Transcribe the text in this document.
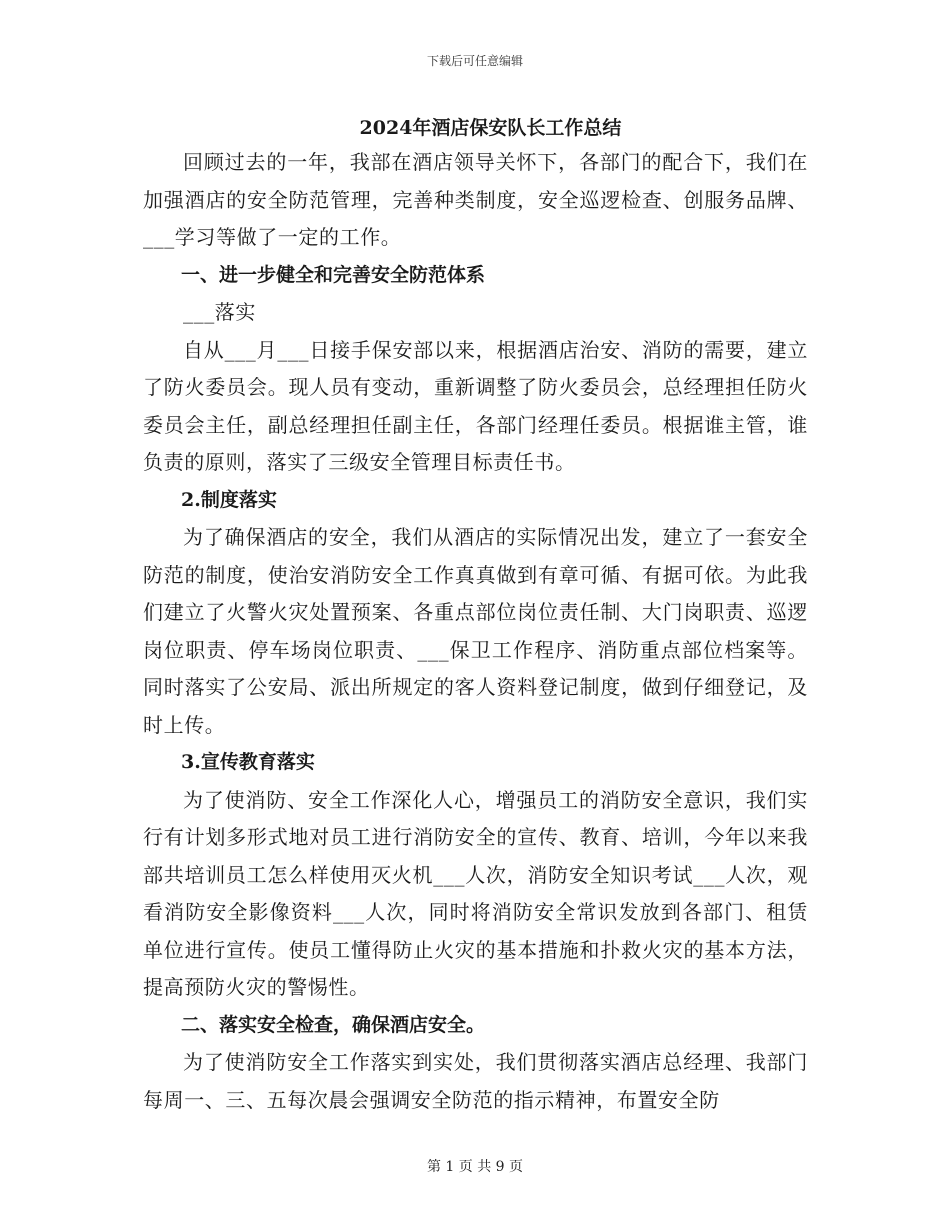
下载后可任意编辑
2024年酒店保安队长工作总结

回顾过去的一年，我部在酒店领导关怀下，各部门的配合下，我们在加强酒店的安全防范管理，完善种类制度，安全巡逻检查、创服务品牌、___学习等做了一定的工作。

一、进一步健全和完善安全防范体系

___落实

自从___月___日接手保安部以来，根据酒店治安、消防的需要，建立了防火委员会。现人员有变动，重新调整了防火委员会，总经理担任防火委员会主任，副总经理担任副主任，各部门经理任委员。根据谁主管，谁负责的原则，落实了三级安全管理目标责任书。

2.制度落实

为了确保酒店的安全，我们从酒店的实际情况出发，建立了一套安全防范的制度，使治安消防安全工作真真做到有章可循、有据可依。为此我们建立了火警火灾处置预案、各重点部位岗位责任制、大门岗职责、巡逻岗位职责、停车场岗位职责、___保卫工作程序、消防重点部位档案等。同时落实了公安局、派出所规定的客人资料登记制度，做到仔细登记，及时上传。

3.宣传教育落实

为了使消防、安全工作深化人心，增强员工的消防安全意识，我们实行有计划多形式地对员工进行消防安全的宣传、教育、培训，今年以来我部共培训员工怎么样使用灭火机___人次，消防安全知识考试___人次，观看消防安全影像资料___人次，同时将消防安全常识发放到各部门、租赁单位进行宣传。使员工懂得防止火灾的基本措施和扑救火灾的基本方法，提高预防火灾的警惕性。

二、落实安全检查，确保酒店安全。

为了使消防安全工作落实到实处，我们贯彻落实酒店总经理、我部门每周一、三、五每次晨会强调安全防范的指示精神，布置安全防

第 1 页 共 9 页
